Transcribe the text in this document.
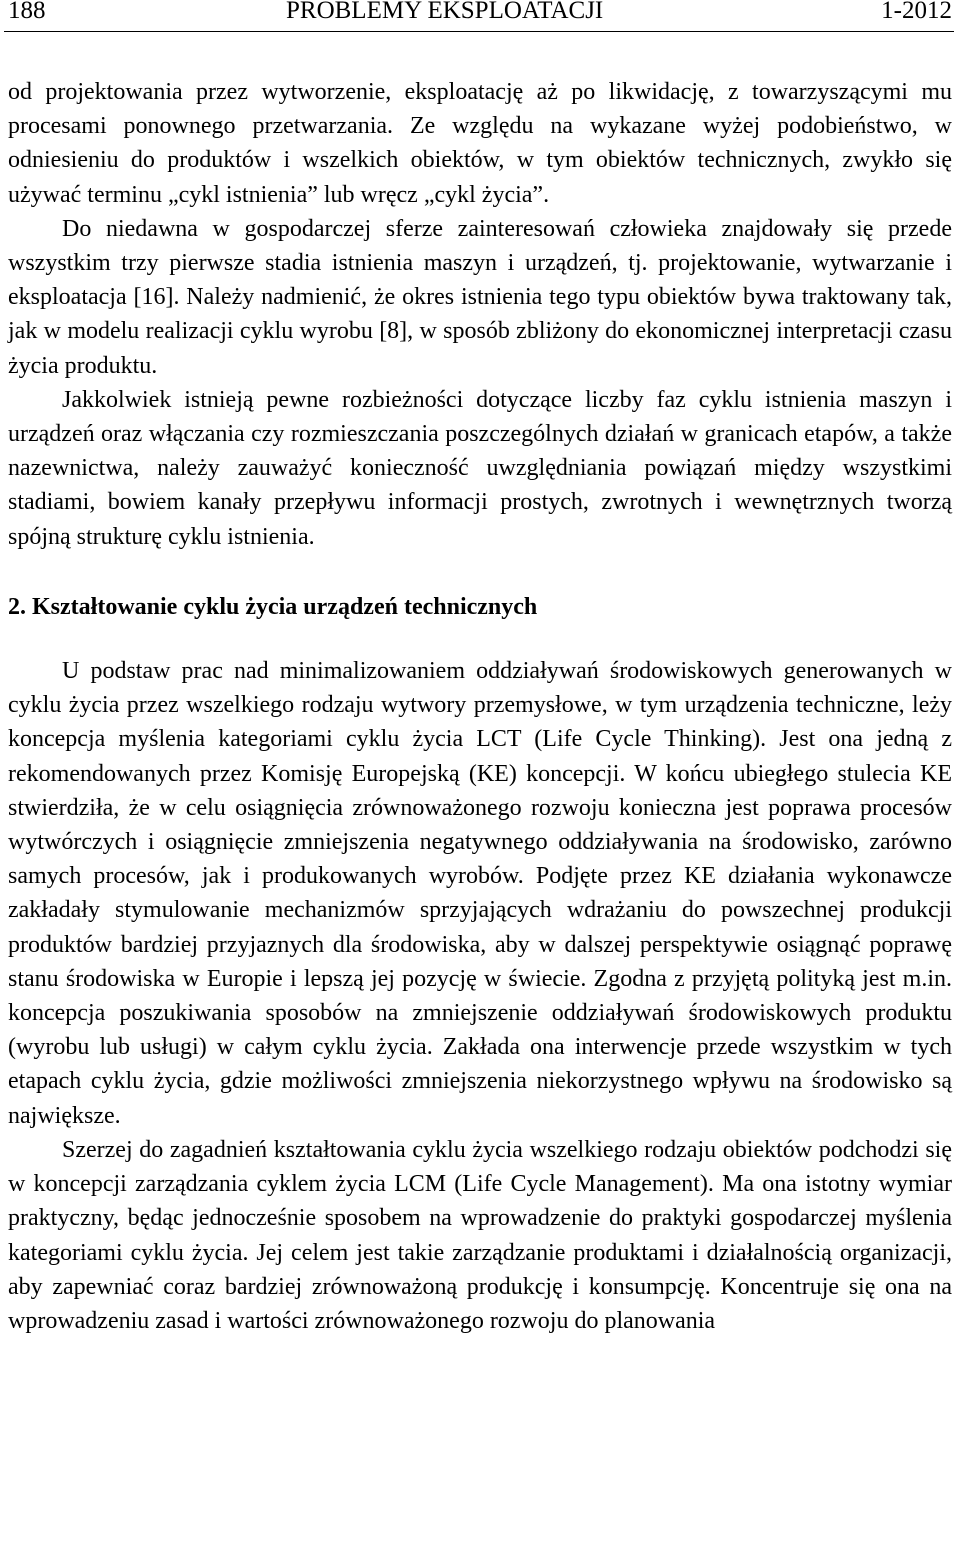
188	PROBLEMY EKSPLOATACJI	1-2012

od projektowania przez wytworzenie, eksploatację aż po likwidację, z towarzyszącymi mu procesami ponownego przetwarzania. Ze względu na wykazane wyżej podobieństwo, w odniesieniu do produktów i wszelkich obiektów, w tym obiektów technicznych, zwykło się używać terminu „cykl istnienia” lub wręcz „cykl życia”.

Do niedawna w gospodarczej sferze zainteresowań człowieka znajdowały się przede wszystkim trzy pierwsze stadia istnienia maszyn i urządzeń, tj. projektowanie, wytwarzanie i eksploatacja [16]. Należy nadmienić, że okres istnienia tego typu obiektów bywa traktowany tak, jak w modelu realizacji cyklu wyrobu [8], w sposób zbliżony do ekonomicznej interpretacji czasu życia produktu.

Jakkolwiek istnieją pewne rozbieżności dotyczące liczby faz cyklu istnienia maszyn i urządzeń oraz włączania czy rozmieszczania poszczególnych działań w granicach etapów, a także nazewnictwa, należy zauważyć konieczność uwzględniania powiązań między wszystkimi stadiami, bowiem kanały przepływu informacji prostych, zwrotnych i wewnętrznych tworzą spójną strukturę cyklu istnienia.

2. Kształtowanie cyklu życia urządzeń technicznych

U podstaw prac nad minimalizowaniem oddziaływań środowiskowych generowanych w cyklu życia przez wszelkiego rodzaju wytwory przemysłowe, w tym urządzenia techniczne, leży koncepcja myślenia kategoriami cyklu życia LCT (Life Cycle Thinking). Jest ona jedną z rekomendowanych przez Komisję Europejską (KE) koncepcji. W końcu ubiegłego stulecia KE stwierdziła, że w celu osiągnięcia zrównoważonego rozwoju konieczna jest poprawa procesów wytwórczych i osiągnięcie zmniejszenia negatywnego oddziaływania na środowisko, zarówno samych procesów, jak i produkowanych wyrobów. Podjęte przez KE działania wykonawcze zakładały stymulowanie mechanizmów sprzyjających wdrażaniu do powszechnej produkcji produktów bardziej przyjaznych dla środowiska, aby w dalszej perspektywie osiągnąć poprawę stanu środowiska w Europie i lepszą jej pozycję w świecie. Zgodna z przyjętą polityką jest m.in. koncepcja poszukiwania sposobów na zmniejszenie oddziaływań środowiskowych produktu (wyrobu lub usługi) w całym cyklu życia. Zakłada ona interwencje przede wszystkim w tych etapach cyklu życia, gdzie możliwości zmniejszenia niekorzystnego wpływu na środowisko są największe.

Szerzej do zagadnień kształtowania cyklu życia wszelkiego rodzaju obiektów podchodzi się w koncepcji zarządzania cyklem życia LCM (Life Cycle Management). Ma ona istotny wymiar praktyczny, będąc jednocześnie sposobem na wprowadzenie do praktyki gospodarczej myślenia kategoriami cyklu życia. Jej celem jest takie zarządzanie produktami i działalnością organizacji, aby zapewniać coraz bardziej zrównoważoną produkcję i konsumpcję. Koncentruje się ona na wprowadzeniu zasad i wartości zrównoważonego rozwoju do planowania
